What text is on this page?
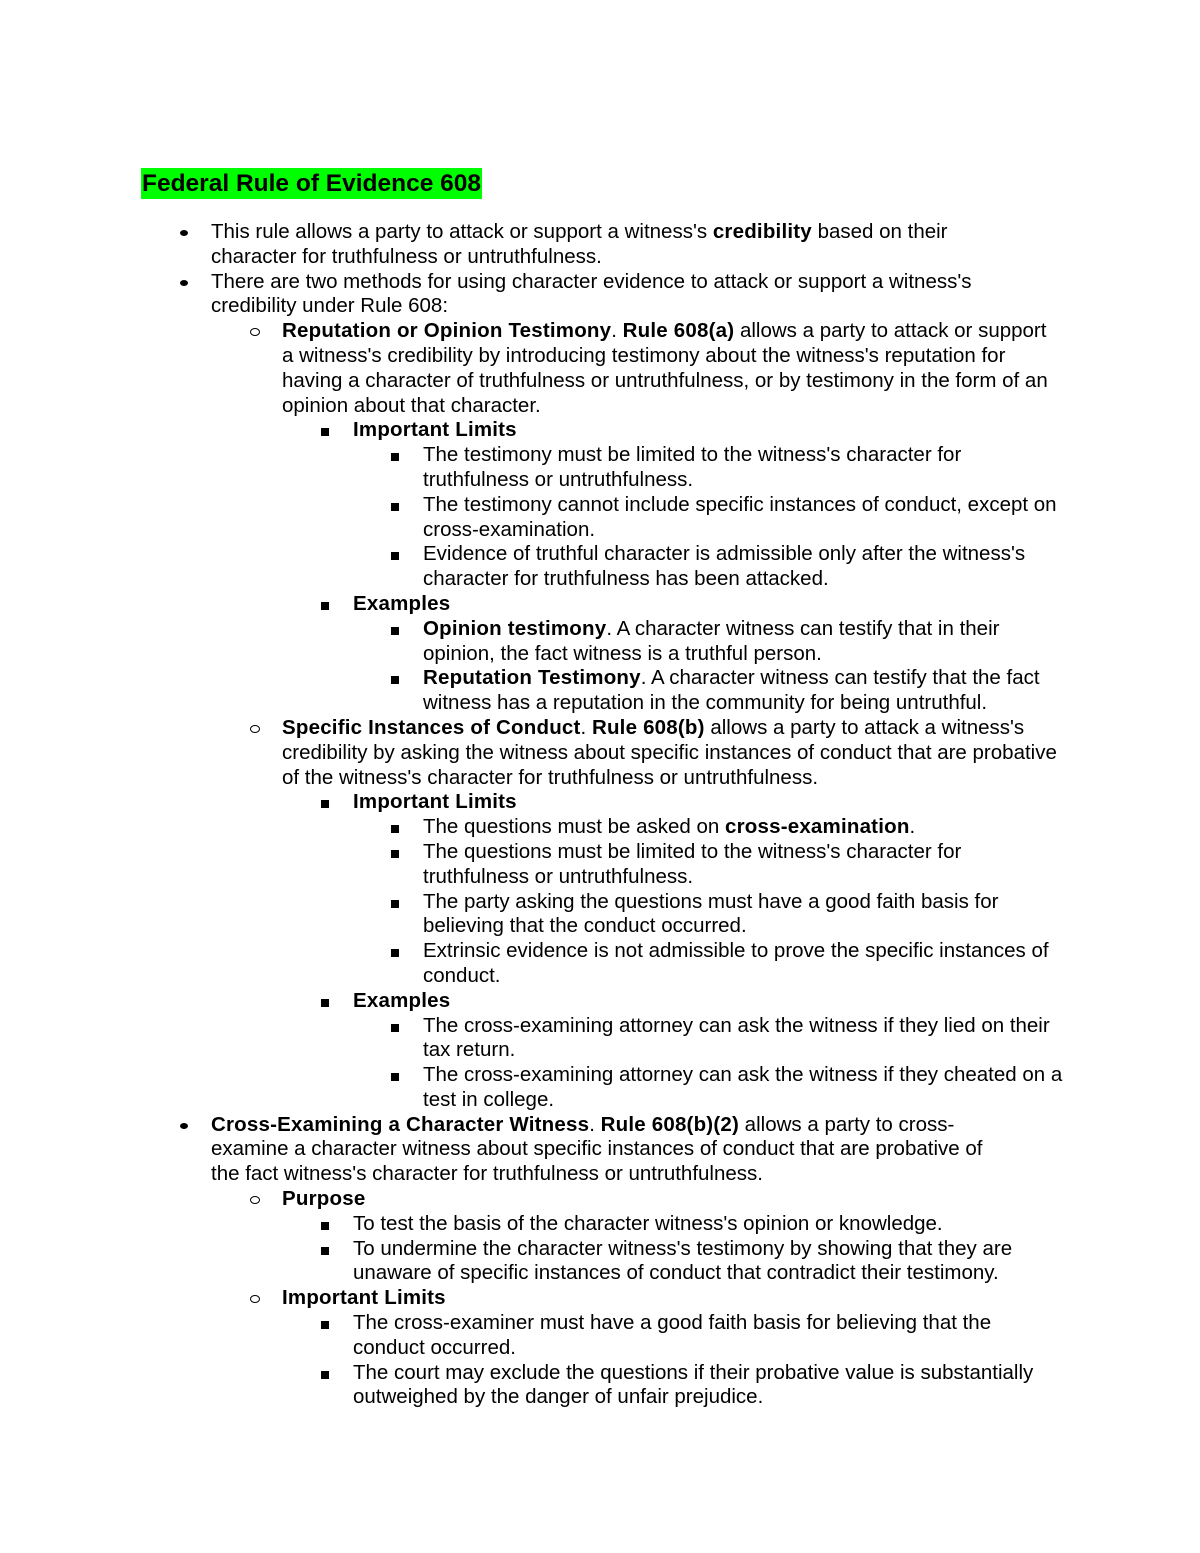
Federal Rule of Evidence 608
This rule allows a party to attack or support a witness's credibility based on their character for truthfulness or untruthfulness.
There are two methods for using character evidence to attack or support a witness's credibility under Rule 608:
Reputation or Opinion Testimony. Rule 608(a) allows a party to attack or support a witness's credibility by introducing testimony about the witness's reputation for having a character of truthfulness or untruthfulness, or by testimony in the form of an opinion about that character.
Important Limits
The testimony must be limited to the witness's character for truthfulness or untruthfulness.
The testimony cannot include specific instances of conduct, except on cross-examination.
Evidence of truthful character is admissible only after the witness's character for truthfulness has been attacked.
Examples
Opinion testimony. A character witness can testify that in their opinion, the fact witness is a truthful person.
Reputation Testimony. A character witness can testify that the fact witness has a reputation in the community for being untruthful.
Specific Instances of Conduct. Rule 608(b) allows a party to attack a witness's credibility by asking the witness about specific instances of conduct that are probative of the witness's character for truthfulness or untruthfulness.
Important Limits
The questions must be asked on cross-examination.
The questions must be limited to the witness's character for truthfulness or untruthfulness.
The party asking the questions must have a good faith basis for believing that the conduct occurred.
Extrinsic evidence is not admissible to prove the specific instances of conduct.
Examples
The cross-examining attorney can ask the witness if they lied on their tax return.
The cross-examining attorney can ask the witness if they cheated on a test in college.
Cross-Examining a Character Witness. Rule 608(b)(2) allows a party to cross-examine a character witness about specific instances of conduct that are probative of the fact witness's character for truthfulness or untruthfulness.
Purpose
To test the basis of the character witness's opinion or knowledge.
To undermine the character witness's testimony by showing that they are unaware of specific instances of conduct that contradict their testimony.
Important Limits
The cross-examiner must have a good faith basis for believing that the conduct occurred.
The court may exclude the questions if their probative value is substantially outweighed by the danger of unfair prejudice.
